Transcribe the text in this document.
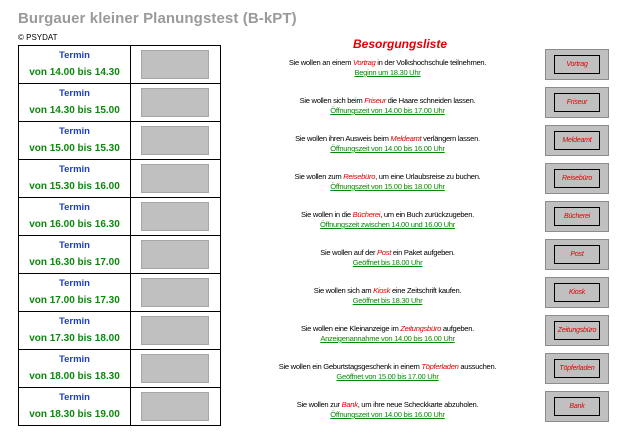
Burgauer kleiner Planungstest (B-kPT)
© PSYDAT
Termin
von 14.00 bis 14.30
Termin
von 14.30 bis 15.00
Termin
von 15.00 bis 15.30
Termin
von 15.30 bis 16.00
Termin
von 16.00 bis 16.30
Termin
von 16.30 bis 17.00
Termin
von 17.00 bis 17.30
Termin
von 17.30 bis 18.00
Termin
von 18.00 bis 18.30
Termin
von 18.30 bis 19.00
Besorgungsliste
Sie wollen an einem Vortrag in der Volkshochschule teilnehmen.
Beginn um 18.30 Uhr
Sie wollen sich beim Friseur die Haare schneiden lassen.
Öffnungszeit von 14.00 bis 17.00 Uhr
Sie wollen ihren Ausweis beim Meldeamt verlängern lassen.
Öffnungszeit von 14.00 bis 16.00 Uhr
Sie wollen zum Reisebüro, um eine Urlaubsreise zu buchen.
Öffnungszeit von 15.00 bis 18.00 Uhr
Sie wollen in die Bücherei, um ein Buch zurückzugeben.
Öffnungszeit zwischen 14.00 und 16.00 Uhr
Sie wollen auf der Post ein Paket aufgeben.
Geöffnet bis 18.00 Uhr
Sie wollen sich am Kiosk eine Zeitschrift kaufen.
Geöffnet bis 18.30 Uhr
Sie wollen eine Kleinanzeige im Zeitungsbüro aufgeben.
Anzeigenannahme von 14.00 bis 16.00 Uhr
Sie wollen ein Geburtstagsgeschenk in einem Töpferladen aussuchen.
Geöffnet von 15.00 bis 17.00 Uhr
Sie wollen zur Bank, um ihre neue Scheckkarte abzuholen.
Öffnungszeit von 14.00 bis 16.00 Uhr
Vortrag
Friseur
Meldeamt
Reisebüro
Bücherei
Post
Kiosk
Zeitungsbüro
Töpferladen
Bank
